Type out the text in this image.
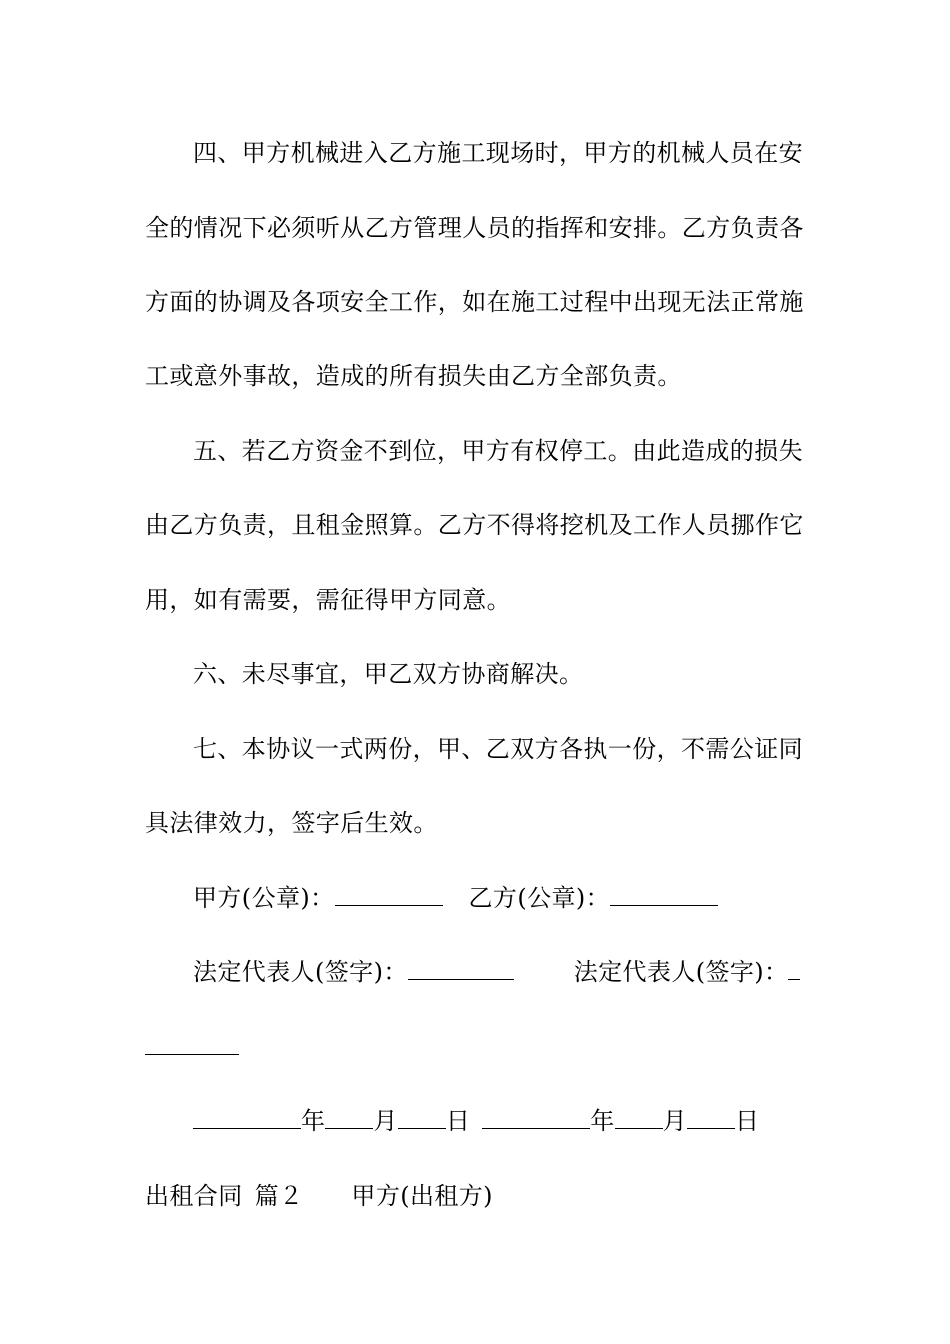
四、甲方机械进入乙方施工现场时，甲方的机械人员在安
全的情况下必须听从乙方管理人员的指挥和安排。乙方负责各
方面的协调及各项安全工作，如在施工过程中出现无法正常施
工或意外事故，造成的所有损失由乙方全部负责。
五、若乙方资金不到位，甲方有权停工。由此造成的损失
由乙方负责，且租金照算。乙方不得将挖机及工作人员挪作它
用，如有需要，需征得甲方同意。
六、未尽事宜，甲乙双方协商解决。
七、本协议一式两份，甲、乙双方各执一份，不需公证同
具法律效力，签字后生效。
甲方(公章)：	乙方(公章)：
法定代表人(签字)：	法定代表人(签字)：
年 月 日	年 月 日
出租合同 篇２ 甲方(出租方)
